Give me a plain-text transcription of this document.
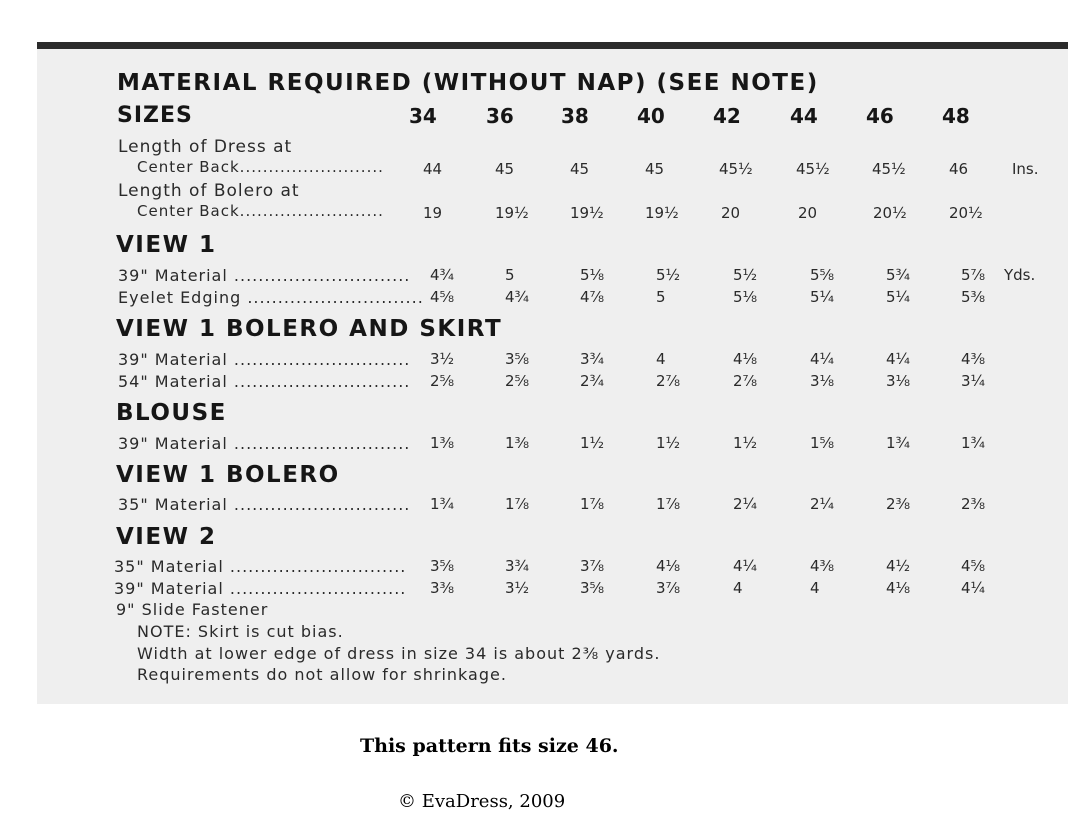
MATERIAL REQUIRED (WITHOUT NAP) (SEE NOTE)
SIZES	34	36	38	40	42	44	46	48
Length of Dress at
Center Back.........................	44	45	45	45	45½	45½	45½	46	Ins.
Length of Bolero at
Center Back.........................	19	19½	19½	19½	20	20	20½	20½
VIEW 1
39" Material ............................. 4¾	5	5⅛	5½	5½	5⅝	5¾	5⅞ Yds.
Eyelet Edging ............................. 4⅝	4¾	4⅞	5	5⅛	5¼	5¼	5⅜
VIEW 1 BOLERO AND SKIRT
39" Material ............................. 3½	3⅝	3¾	4	4⅛	4¼	4¼	4⅜
54" Material ............................. 2⅝	2⅝	2¾	2⅞	2⅞	3⅛	3⅛	3¼
BLOUSE
39" Material ............................. 1⅜	1⅜	1½	1½	1½	1⅝	1¾	1¾
VIEW 1 BOLERO
35" Material ............................. 1¾	1⅞	1⅞	1⅞	2¼	2¼	2⅜	2⅜
VIEW 2
35" Material ............................. 3⅝	3¾	3⅞	4⅛	4¼	4⅜	4½	4⅝
39" Material ............................. 3⅜	3½	3⅝	3⅞	4	4	4⅛	4¼
9" Slide Fastener
NOTE: Skirt is cut bias.
Width at lower edge of dress in size 34 is about 2⅜ yards.
Requirements do not allow for shrinkage.
This pattern fits size 46.
© EvaDress, 2009
